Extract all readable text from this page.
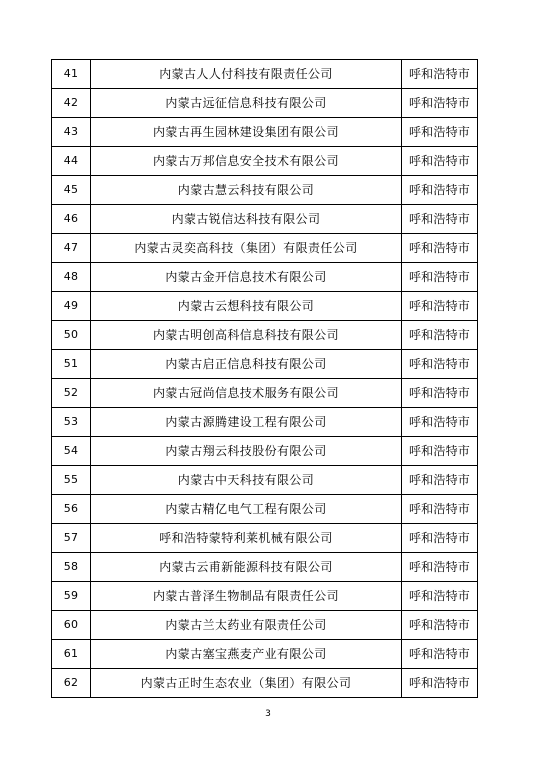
41	内蒙古人人付科技有限责任公司	呼和浩特市
42	内蒙古远征信息科技有限公司	呼和浩特市
43	内蒙古再生园林建设集团有限公司	呼和浩特市
44	内蒙古万邦信息安全技术有限公司	呼和浩特市
45	内蒙古慧云科技有限公司	呼和浩特市
46	内蒙古锐信达科技有限公司	呼和浩特市
47	内蒙古灵奕高科技（集团）有限责任公司	呼和浩特市
48	内蒙古金开信息技术有限公司	呼和浩特市
49	内蒙古云想科技有限公司	呼和浩特市
50	内蒙古明创高科信息科技有限公司	呼和浩特市
51	内蒙古启正信息科技有限公司	呼和浩特市
52	内蒙古冠尚信息技术服务有限公司	呼和浩特市
53	内蒙古源腾建设工程有限公司	呼和浩特市
54	内蒙古翔云科技股份有限公司	呼和浩特市
55	内蒙古中天科技有限公司	呼和浩特市
56	内蒙古精亿电气工程有限公司	呼和浩特市
57	呼和浩特蒙特利莱机械有限公司	呼和浩特市
58	内蒙古云甫新能源科技有限公司	呼和浩特市
59	内蒙古普泽生物制品有限责任公司	呼和浩特市
60	内蒙古兰太药业有限责任公司	呼和浩特市
61	内蒙古塞宝燕麦产业有限公司	呼和浩特市
62	内蒙古正时生态农业（集团）有限公司	呼和浩特市
3
